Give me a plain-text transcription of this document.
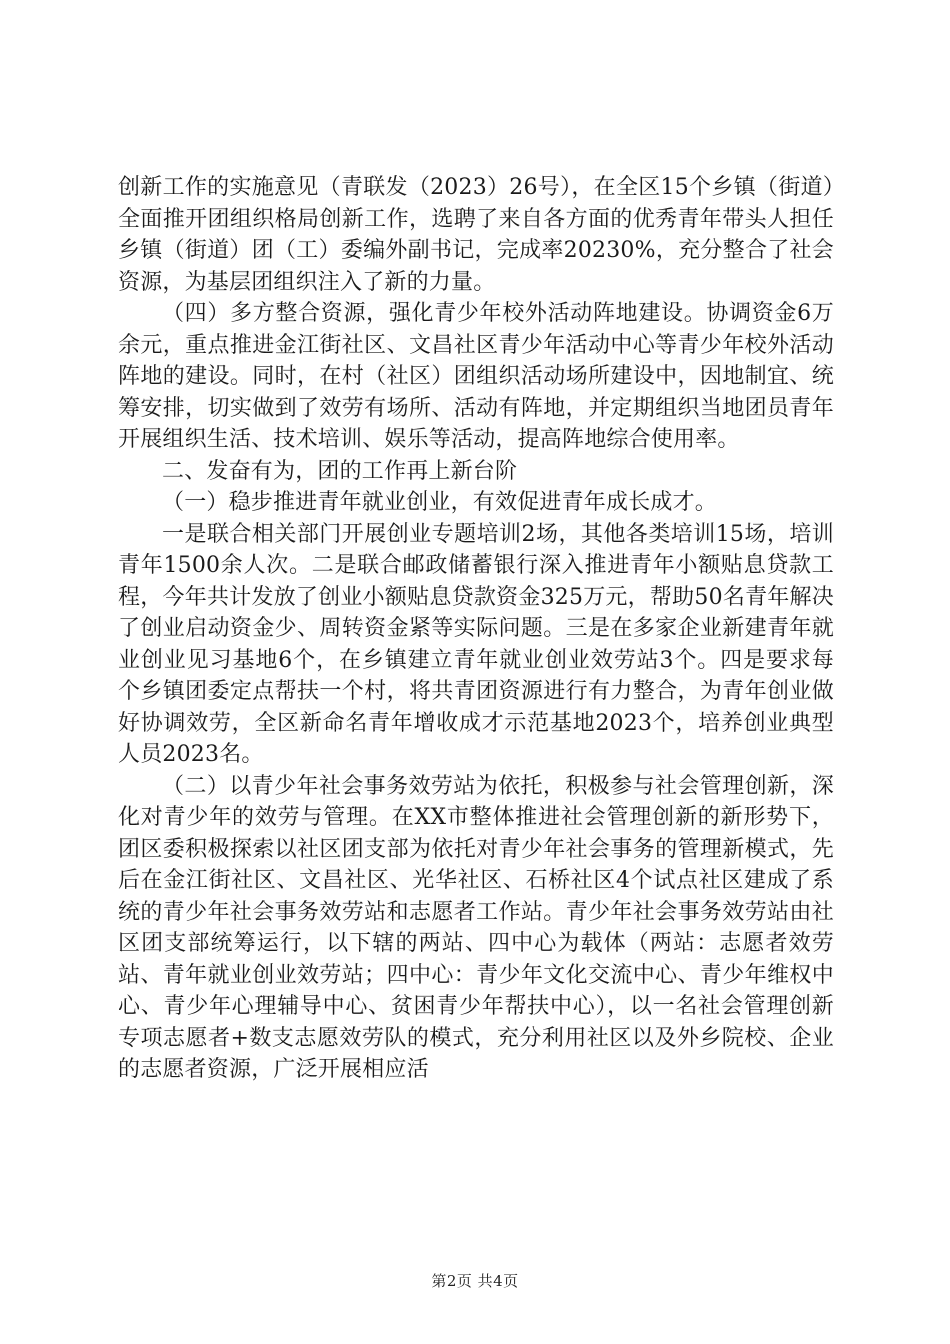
创新工作的实施意见（青联发（2023）26号），在全区15个乡镇（街道）全面推开团组织格局创新工作，选聘了来自各方面的优秀青年带头人担任乡镇（街道）团（工）委编外副书记，完成率20230%，充分整合了社会资源，为基层团组织注入了新的力量。

（四）多方整合资源，强化青少年校外活动阵地建设。协调资金6万余元，重点推进金江街社区、文昌社区青少年活动中心等青少年校外活动阵地的建设。同时，在村（社区）团组织活动场所建设中，因地制宜、统筹安排，切实做到了效劳有场所、活动有阵地，并定期组织当地团员青年开展组织生活、技术培训、娱乐等活动，提高阵地综合使用率。

二、发奋有为，团的工作再上新台阶

（一）稳步推进青年就业创业，有效促进青年成长成才。

一是联合相关部门开展创业专题培训2场，其他各类培训15场，培训青年1500余人次。二是联合邮政储蓄银行深入推进青年小额贴息贷款工程，今年共计发放了创业小额贴息贷款资金325万元，帮助50名青年解决了创业启动资金少、周转资金紧等实际问题。三是在多家企业新建青年就业创业见习基地6个，在乡镇建立青年就业创业效劳站3个。四是要求每个乡镇团委定点帮扶一个村，将共青团资源进行有力整合，为青年创业做好协调效劳，全区新命名青年增收成才示范基地2023个，培养创业典型人员2023名。

（二）以青少年社会事务效劳站为依托，积极参与社会管理创新，深化对青少年的效劳与管理。在XX市整体推进社会管理创新的新形势下，团区委积极探索以社区团支部为依托对青少年社会事务的管理新模式，先后在金江街社区、文昌社区、光华社区、石桥社区4个试点社区建成了系统的青少年社会事务效劳站和志愿者工作站。青少年社会事务效劳站由社区团支部统筹运行，以下辖的两站、四中心为载体（两站：志愿者效劳站、青年就业创业效劳站；四中心：青少年文化交流中心、青少年维权中心、青少年心理辅导中心、贫困青少年帮扶中心），以一名社会管理创新专项志愿者+数支志愿效劳队的模式，充分利用社区以及外乡院校、企业的志愿者资源，广泛开展相应活

第2页 共4页
